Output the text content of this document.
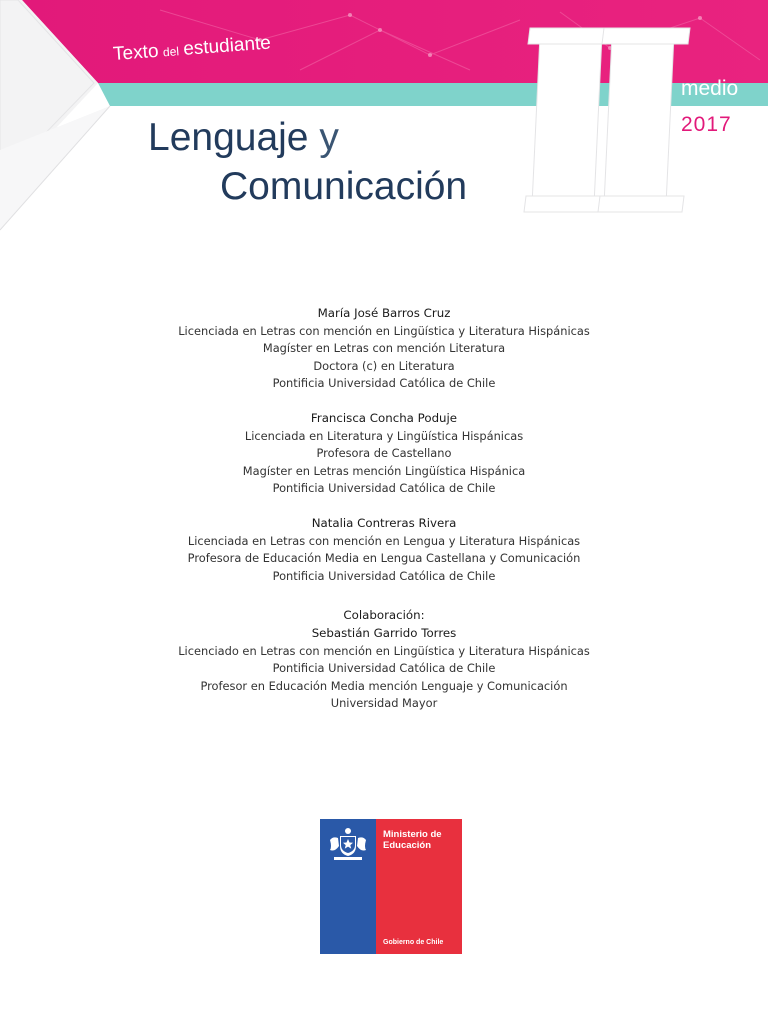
Texto del estudiante
medio
2017
Lenguaje y
Comunicación
María José Barros Cruz
Licenciada en Letras con mención en Lingüística y Literatura Hispánicas
Magíster en Letras con mención Literatura
Doctora (c) en Literatura
Pontificia Universidad Católica de Chile
Francisca Concha Poduje
Licenciada en Literatura y Lingüística Hispánicas
Profesora de Castellano
Magíster en Letras mención Lingüística Hispánica
Pontificia Universidad Católica de Chile
Natalia Contreras Rivera
Licenciada en Letras con mención en Lengua y Literatura Hispánicas
Profesora de Educación Media en Lengua Castellana y Comunicación
Pontificia Universidad Católica de Chile
Colaboración:
Sebastián Garrido Torres
Licenciado en Letras con mención en Lingüística y Literatura Hispánicas
Pontificia Universidad Católica de Chile
Profesor en Educación Media mención Lenguaje y Comunicación
Universidad Mayor
Ministerio de
Educación
Gobierno de Chile
